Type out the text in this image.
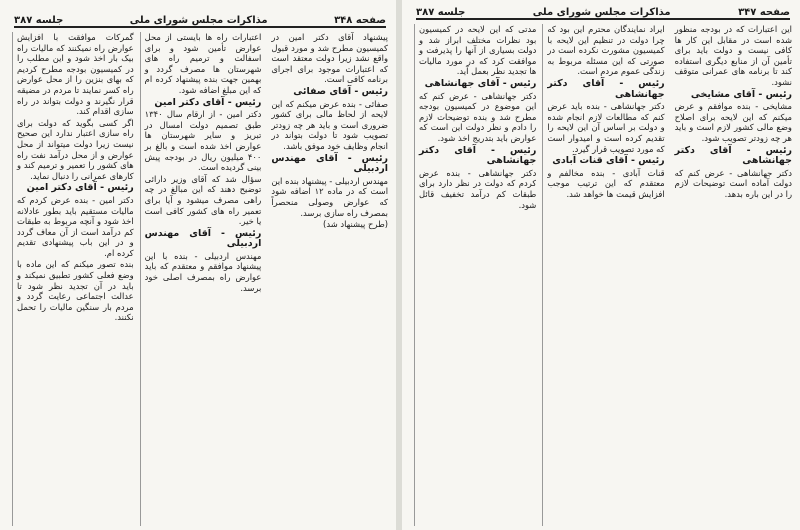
صفحه ۳۴۸
مذاکرات مجلس شورای ملی
جلسه ۳۸۷

گمرکات موافقت با افزایش عوارض راه نمیکنند که مالیات راه بیک بار اخذ شود و این مطلب را در کمیسیون بودجه مطرح کردیم که بهای بنزین را از محل عوارض راه کسر نمایند تا مردم در مضیقه قرار نگیرند و دولت بتواند در راه سازی اقدام کند.

اگر کسی بگوید که دولت برای راه سازی اعتبار ندارد این صحیح نیست زیرا دولت میتواند از محل عوارض و از محل درآمد نفت راه های کشور را تعمیر و ترمیم کند و کارهای عمرانی را دنبال نماید.

رئیس - آقای دکتر امین

دکتر امین - بنده عرض کردم که مالیات مستقیم باید بطور عادلانه اخذ شود و آنچه مربوط به طبقات کم درآمد است از آن معاف گردد و در این باب پیشنهادی تقدیم کرده ام.

بنده تصور میکنم که این ماده با وضع فعلی کشور تطبیق نمیکند و باید در آن تجدید نظر شود تا عدالت اجتماعی رعایت گردد و مردم بار سنگین مالیات را تحمل نکنند.

اعتبارات راه ها بایستی از محل عوارض تأمین شود و برای اسفالت و ترمیم راه های شهرستان ها مصرف گردد و بهمین جهت بنده پیشنهاد کرده ام که این مبلغ اضافه شود.

رئیس - آقای دکتر امین

دکتر امین - از ارقام سال ۱۳۴۰ طبق تصمیم دولت امسال در تبریز و سایر شهرستان ها عوارض اخذ شده است و بالغ بر ۴۰۰ میلیون ریال در بودجه پیش بینی گردیده است.

سؤال شد که آقای وزیر دارائی توضیح دهند که این مبالغ در چه راهی مصرف میشود و آیا برای تعمیر راه های کشور کافی است یا خیر.

رئیس - آقای مهندس اردبیلی

مهندس اردبیلی - بنده با این پیشنهاد موافقم و معتقدم که باید عوارض راه بمصرف اصلی خود برسد.

پیشنهاد آقای دکتر امین در کمیسیون مطرح شد و مورد قبول واقع نشد زیرا دولت معتقد است که اعتبارات موجود برای اجرای برنامه کافی است.

رئیس - آقای صفائی

صفائی - بنده عرض میکنم که این لایحه از لحاظ مالی برای کشور ضروری است و باید هر چه زودتر تصویب شود تا دولت بتواند در انجام وظایف خود موفق باشد.

رئیس - آقای مهندس اردبیلی

مهندس اردبیلی - پیشنهاد بنده این است که در ماده ۱۲ اضافه شود که عوارض وصولی منحصراً بمصرف راه سازی برسد.

(طرح پیشنهاد شد)

صفحه ۳۴۷
مذاکرات مجلس شورای ملی
جلسه ۳۸۷

مدتی که این لایحه در کمیسیون بود نظرات مختلف ابراز شد و دولت بسیاری از آنها را پذیرفت و موافقت کرد که در مورد مالیات ها تجدید نظر بعمل آید.

رئیس - آقای جهانشاهی

دکتر جهانشاهی - عرض کنم که این موضوع در کمیسیون بودجه مطرح شد و بنده توضیحات لازم را دادم و نظر دولت این است که عوارض باید بتدریج اخذ شود.

رئیس - آقای دکتر جهانشاهی

دکتر جهانشاهی - بنده عرض کردم که دولت در نظر دارد برای طبقات کم درآمد تخفیف قائل شود.

ایراد نمایندگان محترم این بود که چرا دولت در تنظیم این لایحه با کمیسیون مشورت نکرده است در صورتی که این مسئله مربوط به زندگی عموم مردم است.

رئیس - آقای دکتر جهانشاهی

دکتر جهانشاهی - بنده باید عرض کنم که مطالعات لازم انجام شده و دولت بر اساس آن این لایحه را تقدیم کرده است و امیدوار است که مورد تصویب قرار گیرد.

رئیس - آقای قنات آبادی

قنات آبادی - بنده مخالفم و معتقدم که این ترتیب موجب افزایش قیمت ها خواهد شد.

این اعتبارات که در بودجه منظور شده است در مقابل این کار ها کافی نیست و دولت باید برای تأمین آن از منابع دیگری استفاده کند تا برنامه های عمرانی متوقف نشود.

رئیس - آقای مشایخی

مشایخی - بنده موافقم و عرض میکنم که این لایحه برای اصلاح وضع مالی کشور لازم است و باید هر چه زودتر تصویب شود.

رئیس - آقای دکتر جهانشاهی

دکتر جهانشاهی - عرض کنم که دولت آماده است توضیحات لازم را در این باره بدهد.
